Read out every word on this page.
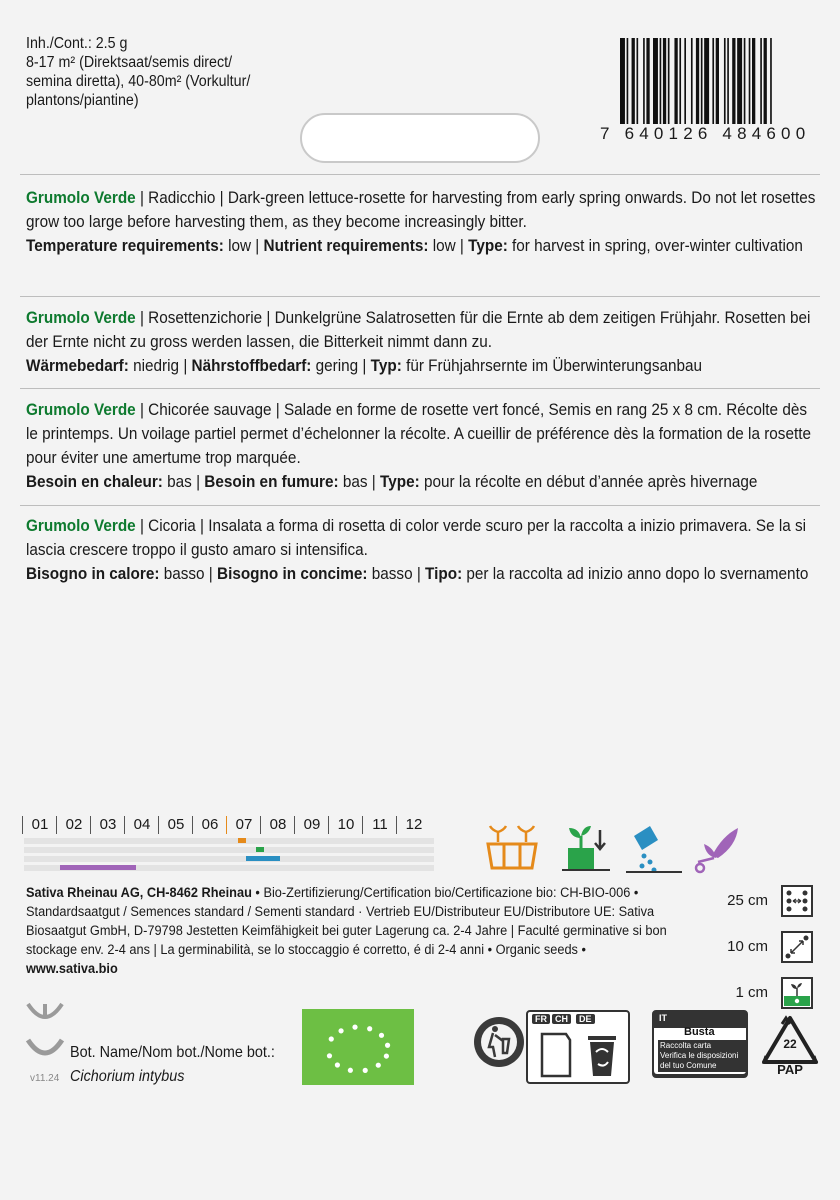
Inh./Cont.: 2.5 g
8-17 m² (Direktsaat/semis direct/
semina diretta), 40-80m² (Vorkultur/
plantons/piantine)
7 640126 484600
Grumolo Verde | Radicchio | Dark-green lettuce-rosette for harvesting from early spring onwards. Do not let rosettes grow too large before harvesting them, as they become increasingly bitter.
Temperature requirements: low | Nutrient requirements: low | Type: for harvest in spring, over-winter cultivation
Grumolo Verde | Rosettenzichorie | Dunkelgrüne Salatrosetten für die Ernte ab dem zeitigen Frühjahr. Rosetten bei der Ernte nicht zu gross werden lassen, die Bitterkeit nimmt dann zu.
Wärmebedarf: niedrig | Nährstoffbedarf: gering | Typ: für Frühjahrsernte im Überwinterungsanbau
Grumolo Verde | Chicorée sauvage | Salade en forme de rosette vert foncé, Semis en rang 25 x 8 cm. Récolte dès le printemps. Un voilage partiel permet d’échelonner la récolte. A cueillir de préférence dès la formation de la rosette pour éviter une amertume trop marquée.
Besoin en chaleur: bas | Besoin en fumure: bas | Type: pour la récolte en début d’année après hivernage
Grumolo Verde | Cicoria | Insalata a forma di rosetta di color verde scuro per la raccolta a inizio primavera. Se la si lascia crescere troppo il gusto amaro si intensifica.
Bisogno in calore: basso | Bisogno in concime: basso | Tipo: per la raccolta ad inizio anno dopo lo svernamento
01	02	03	04	05	06	07	08	09	10	11	12
Sativa Rheinau AG, CH-8462 Rheinau • Bio-Zertifizierung/Certification bio/Certificazione bio: CH-BIO-006 • Standardsaatgut / Semences standard / Sementi standard · Vertrieb EU/Distributeur EU/Distributore UE: Sativa Biosaatgut GmbH, D-79798 Jestetten Keimfähigkeit bei guter Lagerung ca. 2-4 Jahre | Faculté germinative si bon stockage env. 2-4 ans | La germinabilità, se lo stoccaggio é corretto, é di 2-4 anni • Organic seeds • www.sativa.bio
25 cm
10 cm
1 cm
v11.24
Bot. Name/Nom bot./Nome bot.:
Cichorium intybus
FR CH	DE	IT
Busta
Raccolta carta
Verifica le disposizioni
del tuo Comune
22
PAP
